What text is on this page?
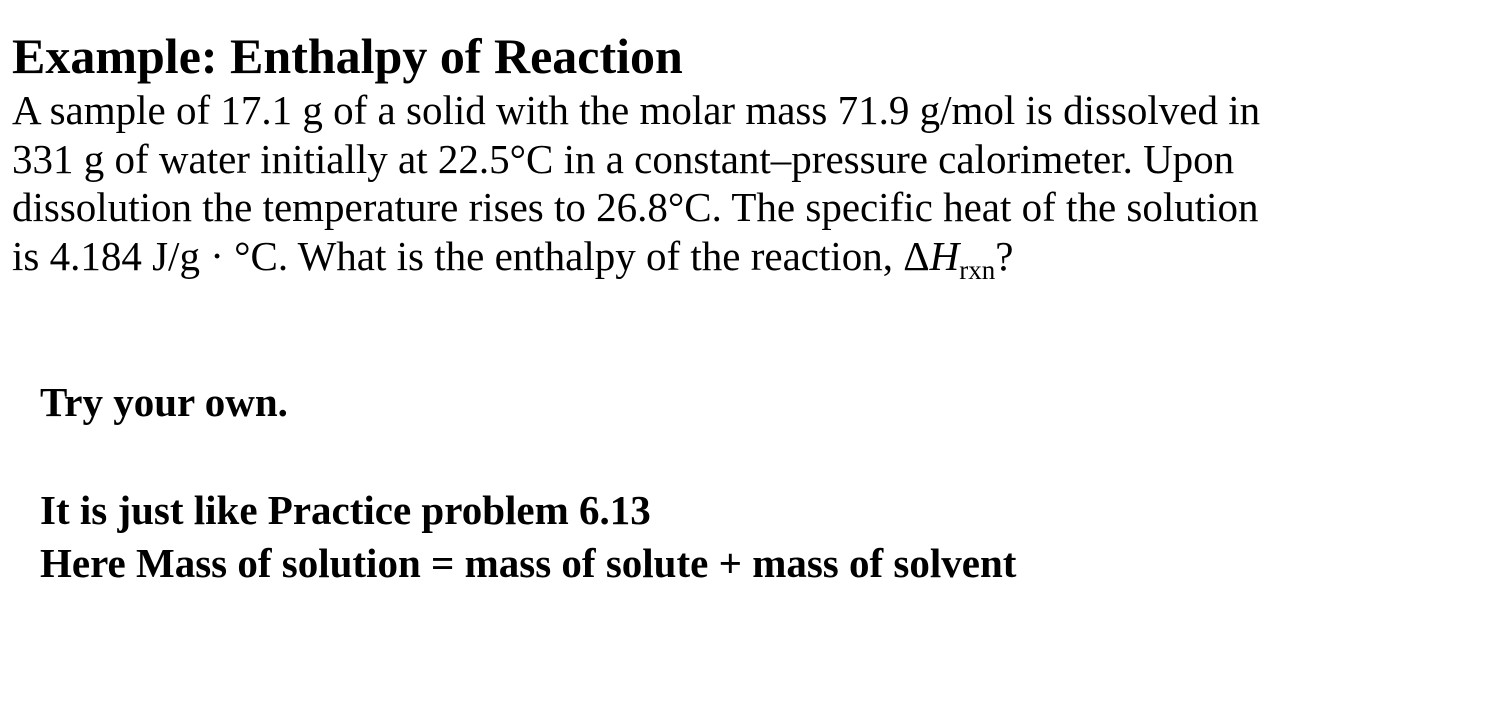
Example: Enthalpy of Reaction
A sample of 17.1 g of a solid with the molar mass 71.9 g/mol is dissolved in
331 g of water initially at 22.5°C in a constant–pressure calorimeter. Upon
dissolution the temperature rises to 26.8°C. The specific heat of the solution
is 4.184 J/g · °C. What is the enthalpy of the reaction, $\Delta H_{rxn}$?
Try your own.
It is just like Practice problem 6.13
Here Mass of solution = mass of solute + mass of solvent
